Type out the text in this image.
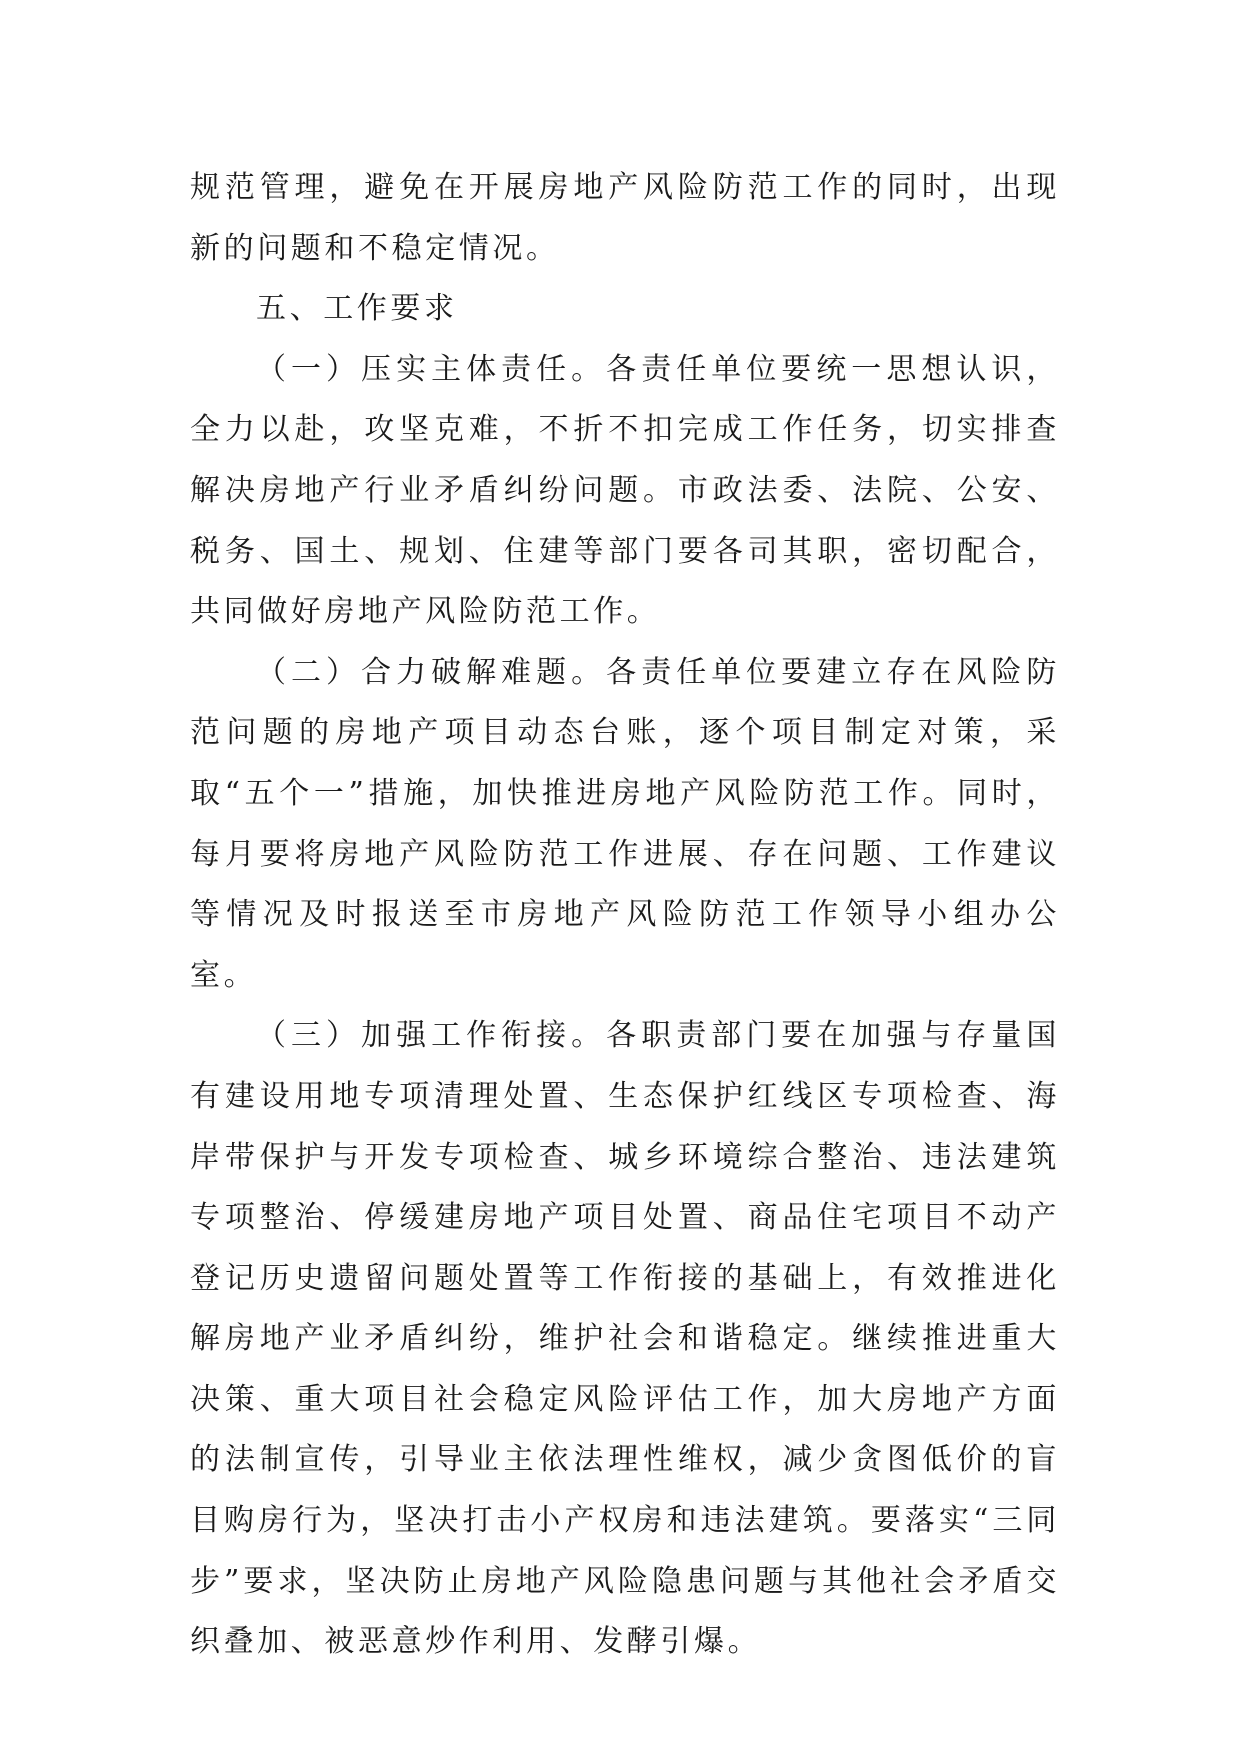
规范管理，避免在开展房地产风险防范工作的同时，出现新的问题和不稳定情况。

五、工作要求

（一）压实主体责任。各责任单位要统一思想认识，全力以赴，攻坚克难，不折不扣完成工作任务，切实排查解决房地产行业矛盾纠纷问题。市政法委、法院、公安、税务、国土、规划、住建等部门要各司其职，密切配合，共同做好房地产风险防范工作。

（二）合力破解难题。各责任单位要建立存在风险防范问题的房地产项目动态台账，逐个项目制定对策，采取“五个一”措施，加快推进房地产风险防范工作。同时，每月要将房地产风险防范工作进展、存在问题、工作建议等情况及时报送至市房地产风险防范工作领导小组办公室。

（三）加强工作衔接。各职责部门要在加强与存量国有建设用地专项清理处置、生态保护红线区专项检查、海岸带保护与开发专项检查、城乡环境综合整治、违法建筑专项整治、停缓建房地产项目处置、商品住宅项目不动产登记历史遗留问题处置等工作衔接的基础上，有效推进化解房地产业矛盾纠纷，维护社会和谐稳定。继续推进重大决策、重大项目社会稳定风险评估工作，加大房地产方面的法制宣传，引导业主依法理性维权，减少贪图低价的盲目购房行为，坚决打击小产权房和违法建筑。要落实“三同步”要求，坚决防止房地产风险隐患问题与其他社会矛盾交织叠加、被恶意炒作利用、发酵引爆。
